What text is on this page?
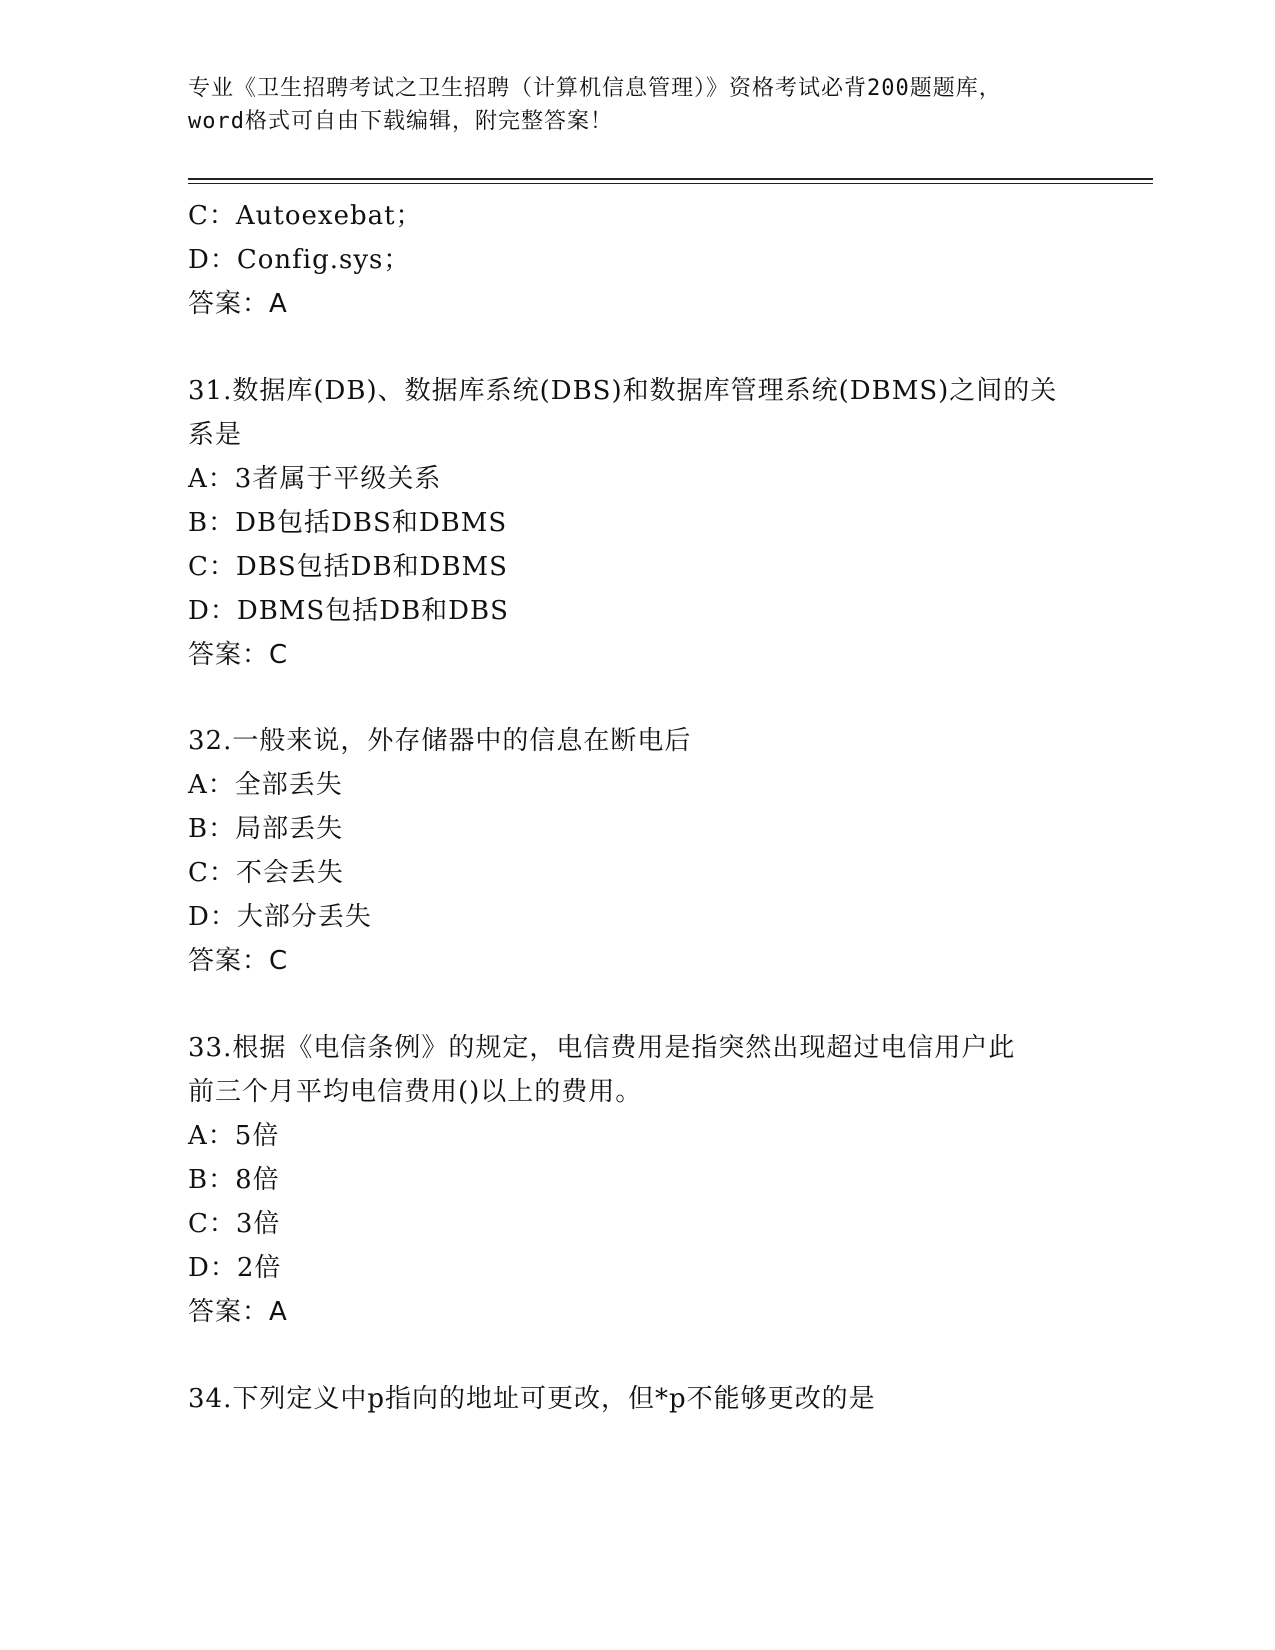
专业《卫生招聘考试之卫生招聘（计算机信息管理）》资格考试必背200题题库，
word格式可自由下载编辑，附完整答案！
C：Autoexebat；
D：Config.sys；
答案：A
31.数据库(DB)、数据库系统(DBS)和数据库管理系统(DBMS)之间的关
系是
A：3者属于平级关系
B：DB包括DBS和DBMS
C：DBS包括DB和DBMS
D：DBMS包括DB和DBS
答案：C
32.一般来说，外存储器中的信息在断电后
A：全部丢失
B：局部丢失
C：不会丢失
D：大部分丢失
答案：C
33.根据《电信条例》的规定，电信费用是指突然出现超过电信用户此
前三个月平均电信费用()以上的费用。
A：5倍
B：8倍
C：3倍
D：2倍
答案：A
34.下列定义中p指向的地址可更改，但*p不能够更改的是
